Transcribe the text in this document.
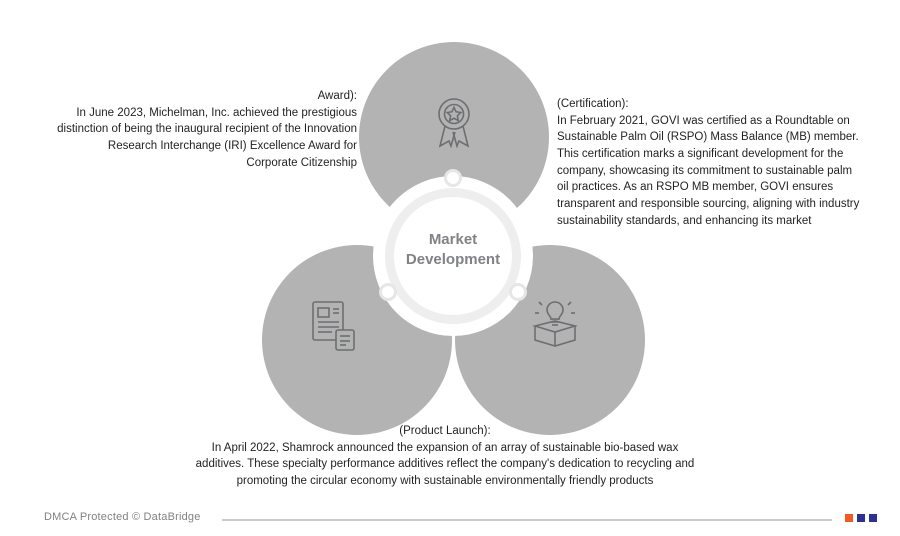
Market
Development
Award):
In June 2023, Michelman, Inc. achieved the prestigious distinction of being the inaugural recipient of the Innovation Research Interchange (IRI) Excellence Award for Corporate Citizenship
(Certification):
In February 2021, GOVI was certified as a Roundtable on Sustainable Palm Oil (RSPO) Mass Balance (MB) member. This certification marks a significant development for the company, showcasing its commitment to sustainable palm oil practices. As an RSPO MB member, GOVI ensures transparent and responsible sourcing, aligning with industry sustainability standards, and enhancing its market
(Product Launch):
In April 2022, Shamrock announced the expansion of an array of sustainable bio-based wax additives. These specialty performance additives reflect the company's dedication to recycling and promoting the circular economy with sustainable environmentally friendly products
DMCA Protected © DataBridge
